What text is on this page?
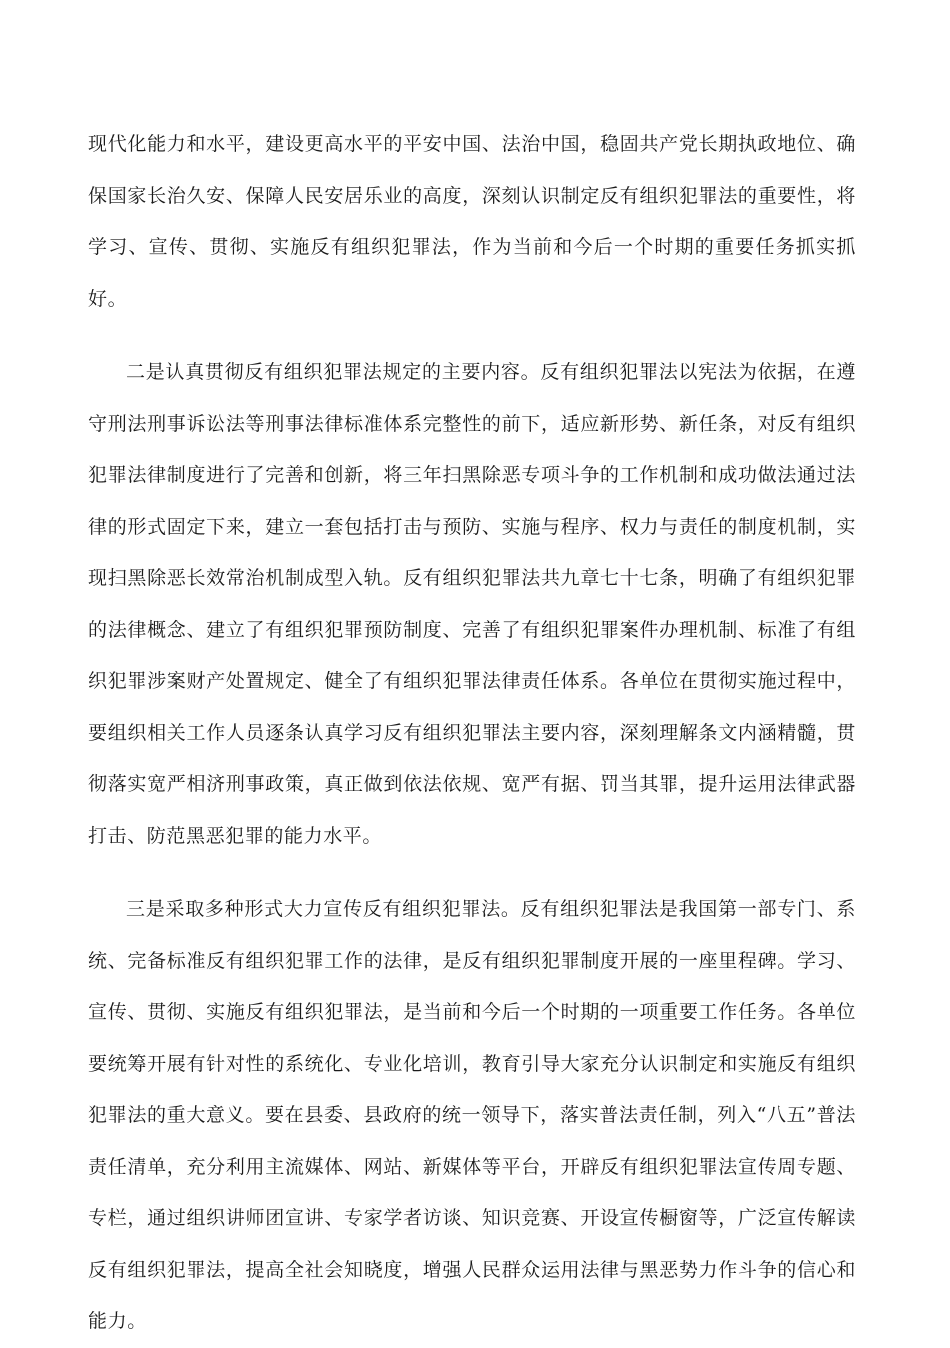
现代化能力和水平，建设更高水平的平安中国、法治中国，稳固共产党长期执政地位、确保国家长治久安、保障人民安居乐业的高度，深刻认识制定反有组织犯罪法的重要性，将学习、宣传、贯彻、实施反有组织犯罪法，作为当前和今后一个时期的重要任务抓实抓好。

二是认真贯彻反有组织犯罪法规定的主要内容。反有组织犯罪法以宪法为依据，在遵守刑法刑事诉讼法等刑事法律标准体系完整性的前下，适应新形势、新任条，对反有组织犯罪法律制度进行了完善和创新，将三年扫黑除恶专项斗争的工作机制和成功做法通过法律的形式固定下来，建立一套包括打击与预防、实施与程序、权力与责任的制度机制，实现扫黑除恶长效常治机制成型入轨。反有组织犯罪法共九章七十七条，明确了有组织犯罪的法律概念、建立了有组织犯罪预防制度、完善了有组织犯罪案件办理机制、标准了有组织犯罪涉案财产处置规定、健全了有组织犯罪法律责任体系。各单位在贯彻实施过程中，要组织相关工作人员逐条认真学习反有组织犯罪法主要内容，深刻理解条文内涵精髓，贯彻落实宽严相济刑事政策，真正做到依法依规、宽严有据、罚当其罪，提升运用法律武器打击、防范黑恶犯罪的能力水平。

三是采取多种形式大力宣传反有组织犯罪法。反有组织犯罪法是我国第一部专门、系统、完备标准反有组织犯罪工作的法律，是反有组织犯罪制度开展的一座里程碑。学习、宣传、贯彻、实施反有组织犯罪法，是当前和今后一个时期的一项重要工作任务。各单位要统筹开展有针对性的系统化、专业化培训，教育引导大家充分认识制定和实施反有组织犯罪法的重大意义。要在县委、县政府的统一领导下，落实普法责任制，列入“八五”普法责任清单，充分利用主流媒体、网站、新媒体等平台，开辟反有组织犯罪法宣传周专题、专栏，通过组织讲师团宣讲、专家学者访谈、知识竞赛、开设宣传橱窗等，广泛宣传解读反有组织犯罪法，提高全社会知晓度，增强人民群众运用法律与黑恶势力作斗争的信心和能力。
